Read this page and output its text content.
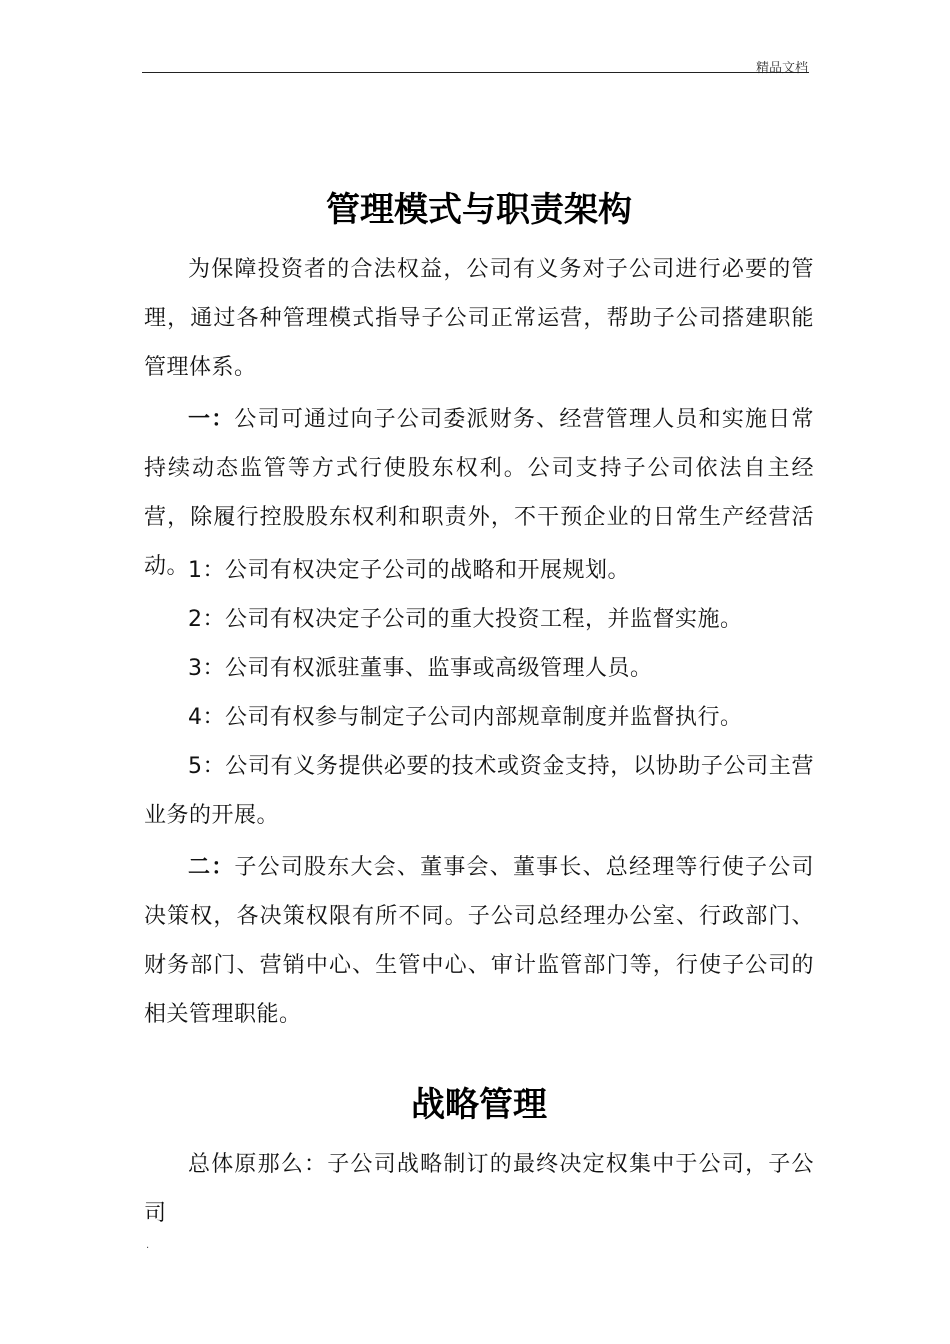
精品文档
管理模式与职责架构

为保障投资者的合法权益，公司有义务对子公司进行必要的管理，通过各种管理模式指导子公司正常运营，帮助子公司搭建职能管理体系。

一：公司可通过向子公司委派财务、经营管理人员和实施日常持续动态监管等方式行使股东权利。公司支持子公司依法自主经营，除履行控股股东权利和职责外，不干预企业的日常生产经营活动。

1：公司有权决定子公司的战略和开展规划。

2：公司有权决定子公司的重大投资工程，并监督实施。

3：公司有权派驻董事、监事或高级管理人员。

4：公司有权参与制定子公司内部规章制度并监督执行。

5：公司有义务提供必要的技术或资金支持，以协助子公司主营业务的开展。

二：子公司股东大会、董事会、董事长、总经理等行使子公司决策权，各决策权限有所不同。子公司总经理办公室、行政部门、财务部门、营销中心、生管中心、审计监管部门等，行使子公司的相关管理职能。

战略管理

总体原那么：子公司战略制订的最终决定权集中于公司，子公司

.
